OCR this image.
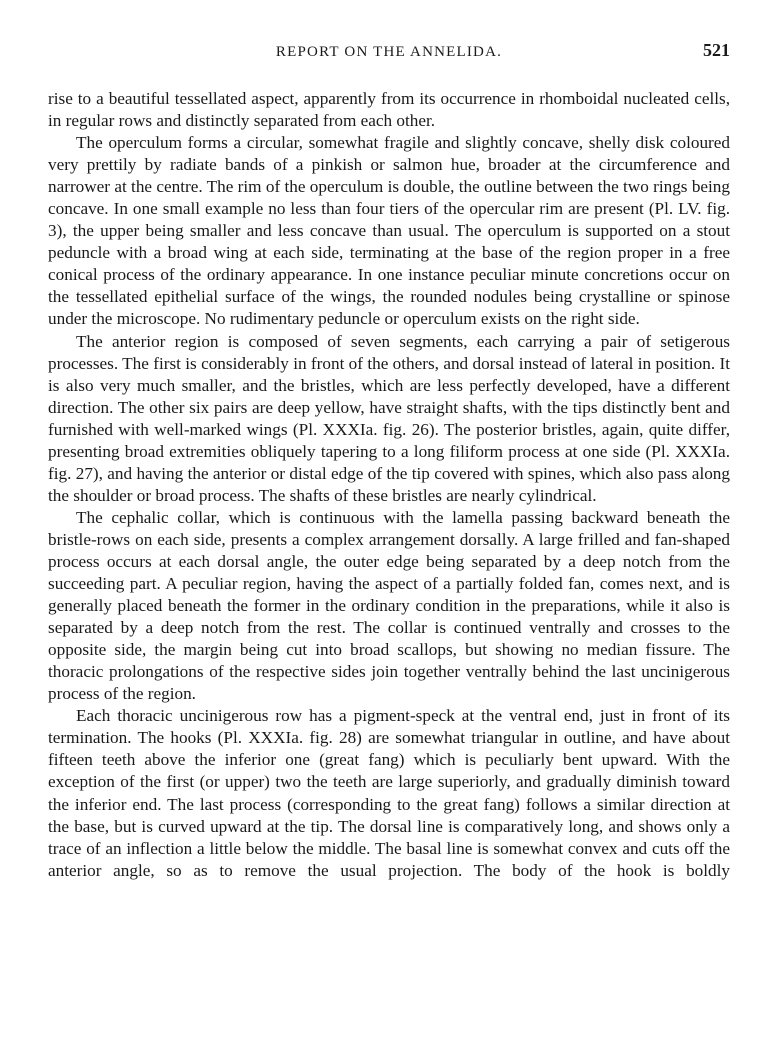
REPORT ON THE ANNELIDA.	521

rise to a beautiful tessellated aspect, apparently from its occurrence in rhomboidal nucleated cells, in regular rows and distinctly separated from each other.

The operculum forms a circular, somewhat fragile and slightly concave, shelly disk coloured very prettily by radiate bands of a pinkish or salmon hue, broader at the circumference and narrower at the centre. The rim of the operculum is double, the outline between the two rings being concave. In one small example no less than four tiers of the opercular rim are present (Pl. LV. fig. 3), the upper being smaller and less concave than usual. The operculum is supported on a stout peduncle with a broad wing at each side, terminating at the base of the region proper in a free conical process of the ordinary appearance. In one instance peculiar minute concretions occur on the tessellated epithelial surface of the wings, the rounded nodules being crystalline or spinose under the microscope. No rudimentary peduncle or operculum exists on the right side.

The anterior region is composed of seven segments, each carrying a pair of setigerous processes. The first is considerably in front of the others, and dorsal instead of lateral in position. It is also very much smaller, and the bristles, which are less perfectly developed, have a different direction. The other six pairs are deep yellow, have straight shafts, with the tips distinctly bent and furnished with well-marked wings (Pl. XXXIa. fig. 26). The posterior bristles, again, quite differ, presenting broad extremities obliquely tapering to a long filiform process at one side (Pl. XXXIa. fig. 27), and having the anterior or distal edge of the tip covered with spines, which also pass along the shoulder or broad process. The shafts of these bristles are nearly cylindrical.

The cephalic collar, which is continuous with the lamella passing backward beneath the bristle-rows on each side, presents a complex arrangement dorsally. A large frilled and fan-shaped process occurs at each dorsal angle, the outer edge being separated by a deep notch from the succeeding part. A peculiar region, having the aspect of a partially folded fan, comes next, and is generally placed beneath the former in the ordinary condition in the preparations, while it also is separated by a deep notch from the rest. The collar is continued ventrally and crosses to the opposite side, the margin being cut into broad scallops, but showing no median fissure. The thoracic prolongations of the respective sides join together ventrally behind the last uncinigerous process of the region.

Each thoracic uncinigerous row has a pigment-speck at the ventral end, just in front of its termination. The hooks (Pl. XXXIa. fig. 28) are somewhat triangular in outline, and have about fifteen teeth above the inferior one (great fang) which is peculiarly bent upward. With the exception of the first (or upper) two the teeth are large superiorly, and gradually diminish toward the inferior end. The last process (corresponding to the great fang) follows a similar direction at the base, but is curved upward at the tip. The dorsal line is comparatively long, and shows only a trace of an inflection a little below the middle. The basal line is somewhat convex and cuts off the anterior angle, so as to remove the usual projection. The body of the hook is boldly
